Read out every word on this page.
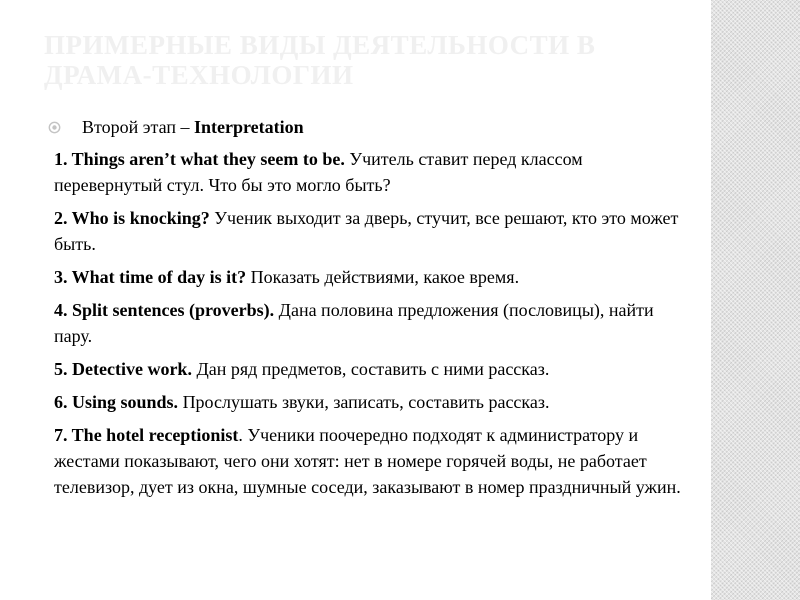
ПРИМЕРНЫЕ ВИДЫ ДЕЯТЕЛЬНОСТИ В ДРАМА-ТЕХНОЛОГИИ
Второй этап – Interpretation

1. Things aren’t what they seem to be. Учитель ставит перед классом перевернутый стул. Что бы это могло быть?

2. Who is knocking? Ученик выходит за дверь, стучит, все решают, кто это может быть.

3. What time of day is it? Показать действиями, какое время.

4. Split sentences (proverbs). Дана половина предложения (пословицы), найти пару.

5. Detective work. Дан ряд предметов, составить с ними рассказ.

6. Using sounds. Прослушать звуки, записать, составить рассказ.

7. The hotel receptionist. Ученики поочередно подходят к администратору и жестами показывают, чего они хотят: нет в номере горячей воды, не работает телевизор, дует из окна, шумные соседи, заказывают в номер праздничный ужин.
